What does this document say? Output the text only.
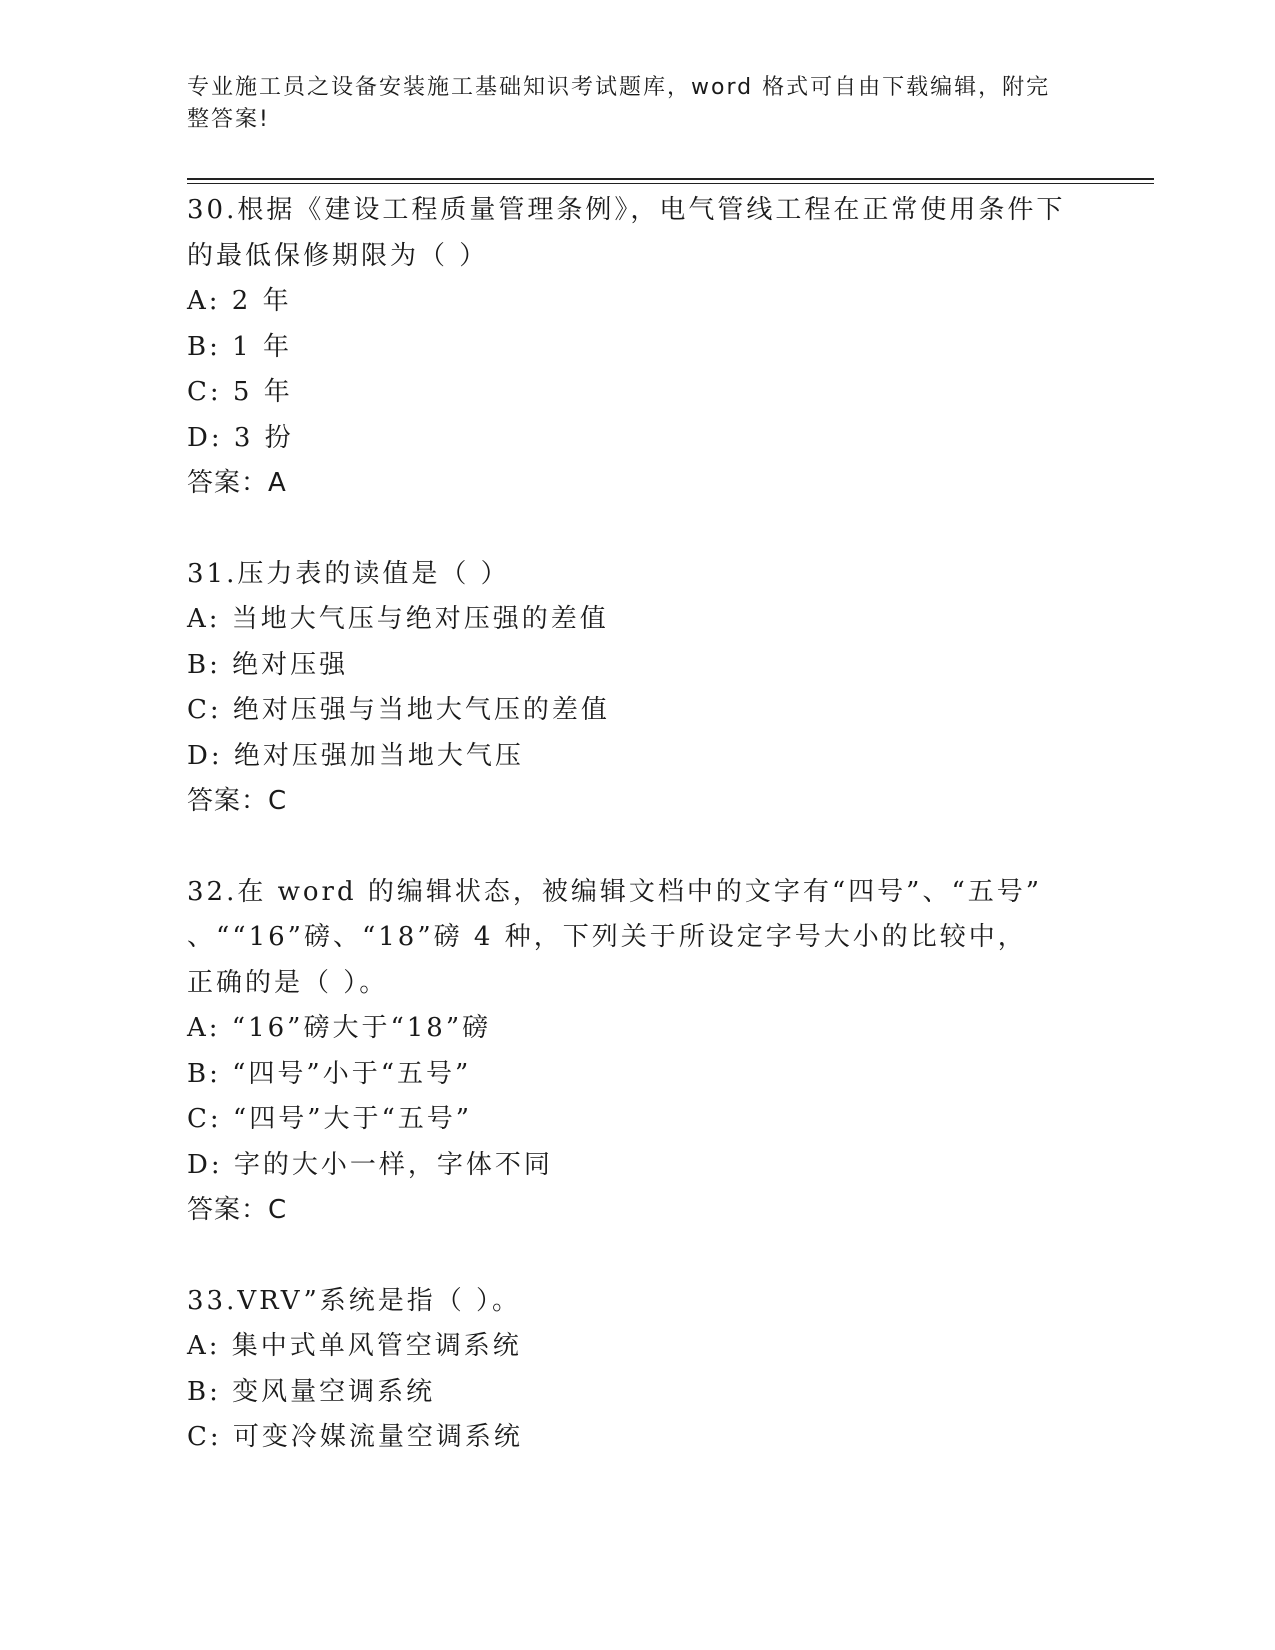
专业施工员之设备安装施工基础知识考试题库，word 格式可自由下载编辑，附完
整答案!
30.根据《建设工程质量管理条例》，电气管线工程在正常使用条件下
的最低保修期限为（ ）
A: 2 年
B: 1 年
C: 5 年
D: 3 扮
答案：A
31.压力表的读值是（ ）
A: 当地大气压与绝对压强的差值
B: 绝对压强
C: 绝对压强与当地大气压的差值
D: 绝对压强加当地大气压
答案：C
32.在 word 的编辑状态，被编辑文档中的文字有“四号”、“五号”
、““16”磅、“18”磅 4 种，下列关于所设定字号大小的比较中，
正确的是（ ）。
A: “16”磅大于“18”磅
B: “四号”小于“五号”
C: “四号”大于“五号”
D: 字的大小一样，字体不同
答案：C
33.VRV”系统是指（ ）。
A: 集中式单风管空调系统
B: 变风量空调系统
C: 可变冷媒流量空调系统
